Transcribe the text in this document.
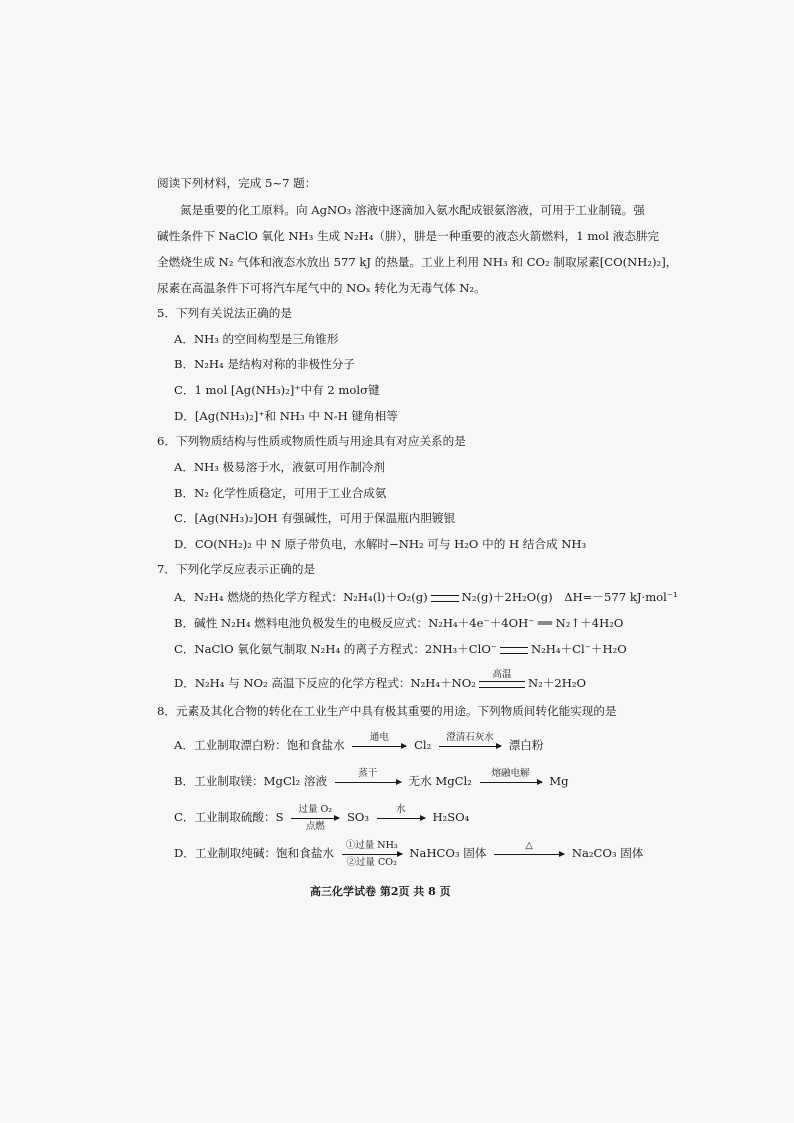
阅读下列材料，完成 5~7 题：
氮是重要的化工原料。向 AgNO₃ 溶液中逐滴加入氨水配成银氨溶液，可用于工业制镜。强
碱性条件下 NaClO 氧化 NH₃ 生成 N₂H₄（肼），肼是一种重要的液态火箭燃料，1 mol 液态肼完
全燃烧生成 N₂ 气体和液态水放出 577 kJ 的热量。工业上利用 NH₃ 和 CO₂ 制取尿素[CO(NH₂)₂]，
尿素在高温条件下可将汽车尾气中的 NOₓ 转化为无毒气体 N₂。
5．下列有关说法正确的是
A．NH₃ 的空间构型是三角锥形
B．N₂H₄ 是结构对称的非极性分子
C．1 mol [Ag(NH₃)₂]⁺中有 2 molσ键
D．[Ag(NH₃)₂]⁺和 NH₃ 中 N-H 键角相等
6．下列物质结构与性质或物质性质与用途具有对应关系的是
A．NH₃ 极易溶于水，液氨可用作制冷剂
B．N₂ 化学性质稳定，可用于工业合成氨
C．[Ag(NH₃)₂]OH 有强碱性，可用于保温瓶内胆镀银
D．CO(NH₂)₂ 中 N 原子带负电，水解时−NH₂ 可与 H₂O 中的 H 结合成 NH₃
7．下列化学反应表示正确的是
A．N₂H₄ 燃烧的热化学方程式：N₂H₄(l)＋O₂(g)	N₂(g)＋2H₂O(g)　ΔH=－577 kJ·mol⁻¹
B．碱性 N₂H₄ 燃料电池负极发生的电极反应式：N₂H₄＋4e⁻＋4OH⁻ ══ N₂↑＋4H₂O
C．NaClO 氧化氨气制取 N₂H₄ 的离子方程式：2NH₃＋ClO⁻	N₂H₄＋Cl⁻＋H₂O
D．N₂H₄ 与 NO₂ 高温下反应的化学方程式：N₂H₄＋NO₂
高温
N₂＋2H₂O
8．元素及其化合物的转化在工业生产中具有极其重要的用途。下列物质间转化能实现的是
A．工业制取漂白粉：饱和食盐水
通电
Cl₂
澄清石灰水
漂白粉
B．工业制取镁：MgCl₂ 溶液
蒸干
无水 MgCl₂
熔融电解
Mg
C．工业制取硫酸：S
过量 O₂
点燃
SO₃
水
H₂SO₄
D．工业制取纯碱：饱和食盐水
①过量 NH₃
②过量 CO₂
NaHCO₃ 固体
△
Na₂CO₃ 固体
高三化学试卷 第2页 共 8 页
